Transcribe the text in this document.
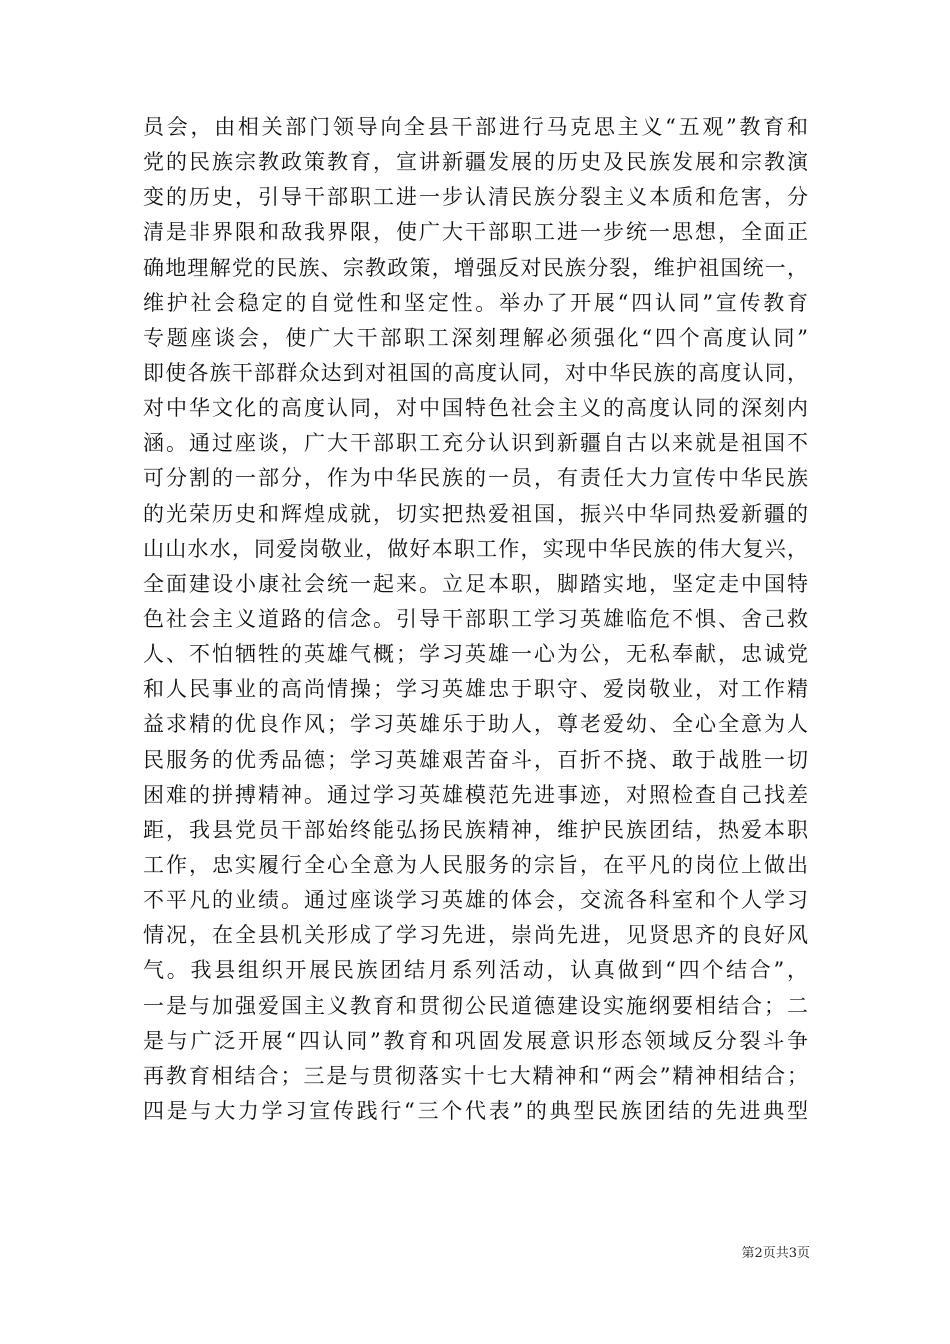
员会，由相关部门领导向全县干部进行马克思主义“五观”教育和
党的民族宗教政策教育，宣讲新疆发展的历史及民族发展和宗教演
变的历史，引导干部职工进一步认清民族分裂主义本质和危害，分
清是非界限和敌我界限，使广大干部职工进一步统一思想，全面正
确地理解党的民族、宗教政策，增强反对民族分裂，维护祖国统一，
维护社会稳定的自觉性和坚定性。举办了开展“四认同”宣传教育
专题座谈会，使广大干部职工深刻理解必须强化“四个高度认同”
即使各族干部群众达到对祖国的高度认同，对中华民族的高度认同，
对中华文化的高度认同，对中国特色社会主义的高度认同的深刻内
涵。通过座谈，广大干部职工充分认识到新疆自古以来就是祖国不
可分割的一部分，作为中华民族的一员，有责任大力宣传中华民族
的光荣历史和辉煌成就，切实把热爱祖国，振兴中华同热爱新疆的
山山水水，同爱岗敬业，做好本职工作，实现中华民族的伟大复兴，
全面建设小康社会统一起来。立足本职，脚踏实地，坚定走中国特
色社会主义道路的信念。引导干部职工学习英雄临危不惧、舍己救
人、不怕牺牲的英雄气概；学习英雄一心为公，无私奉献，忠诚党
和人民事业的高尚情操；学习英雄忠于职守、爱岗敬业，对工作精
益求精的优良作风；学习英雄乐于助人，尊老爱幼、全心全意为人
民服务的优秀品德；学习英雄艰苦奋斗，百折不挠、敢于战胜一切
困难的拼搏精神。通过学习英雄模范先进事迹，对照检查自己找差
距，我县党员干部始终能弘扬民族精神，维护民族团结，热爱本职
工作，忠实履行全心全意为人民服务的宗旨，在平凡的岗位上做出
不平凡的业绩。通过座谈学习英雄的体会，交流各科室和个人学习
情况，在全县机关形成了学习先进，崇尚先进，见贤思齐的良好风
气。我县组织开展民族团结月系列活动，认真做到“四个结合”，
一是与加强爱国主义教育和贯彻公民道德建设实施纲要相结合；二
是与广泛开展“四认同”教育和巩固发展意识形态领域反分裂斗争
再教育相结合；三是与贯彻落实十七大精神和“两会”精神相结合；
四是与大力学习宣传践行“三个代表”的典型民族团结的先进典型
第2页共3页
